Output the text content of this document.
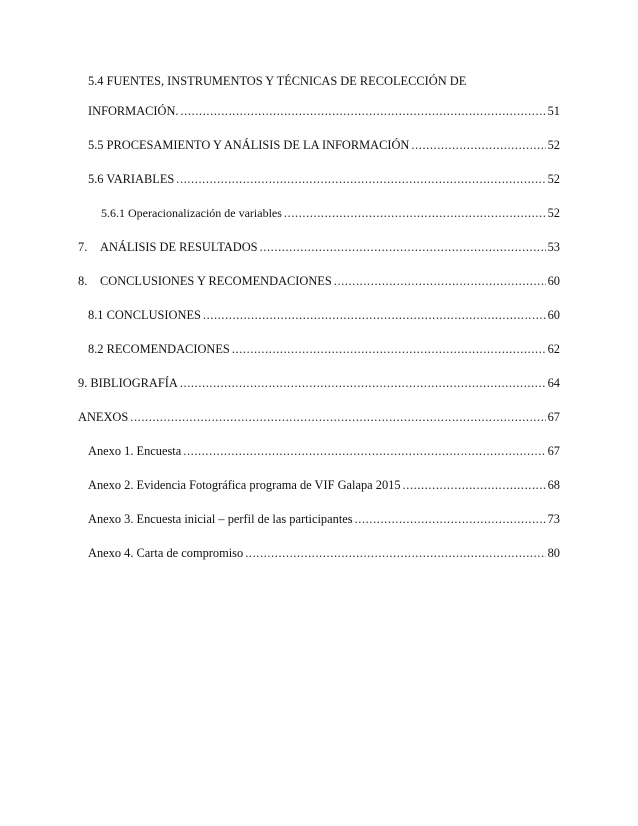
5.4 FUENTES, INSTRUMENTOS Y TÉCNICAS DE RECOLECCIÓN DE
INFORMACIÓN. .....	51
5.5 PROCESAMIENTO Y ANÁLISIS DE LA INFORMACIÓN .....	52
5.6 VARIABLES .....	52
5.6.1 Operacionalización de variables .....	52
7.	ANÁLISIS DE RESULTADOS .....	53
8.	CONCLUSIONES Y RECOMENDACIONES .....	60
8.1 CONCLUSIONES .....	60
8.2 RECOMENDACIONES .....	62
9. BIBLIOGRAFÍA .....	64
ANEXOS .....	67
Anexo 1. Encuesta .....	67
Anexo 2. Evidencia Fotográfica programa de VIF Galapa 2015 .....	68
Anexo 3. Encuesta inicial – perfil de las participantes .....	73
Anexo 4. Carta de compromiso .....	80
